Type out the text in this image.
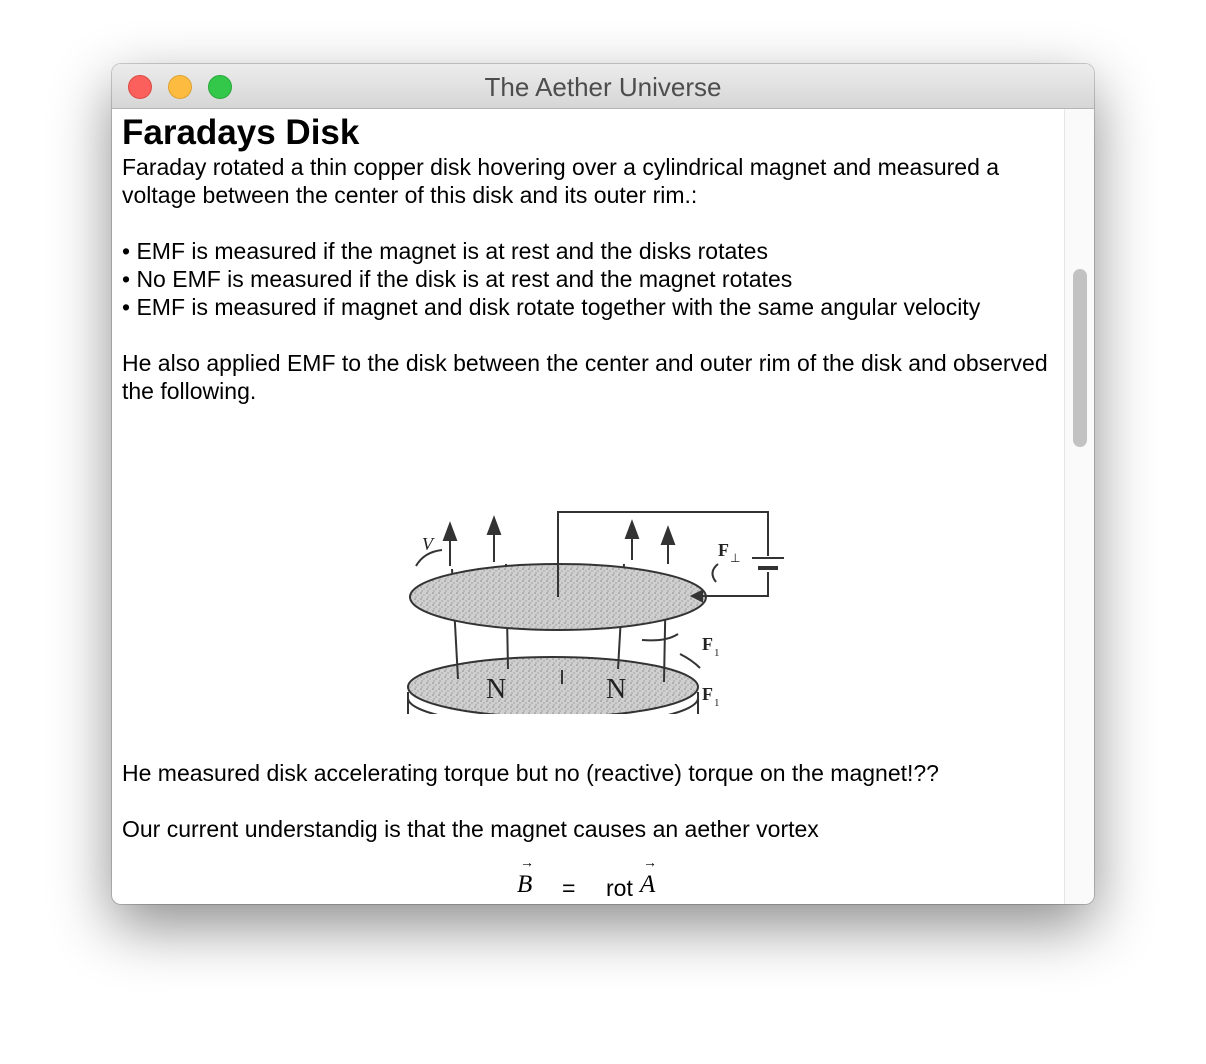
The Aether Universe
Faradays Disk

Faraday rotated a thin copper disk hovering over a cylindrical magnet and measured a voltage between the center of this disk and its outer rim.:

• EMF is measured if the magnet is at rest and the disks rotates
• No EMF is measured if the disk is at rest and the magnet rotates
• EMF is measured if magnet and disk rotate together with the same angular velocity

He also applied EMF to the disk between the center and outer rim of the disk and observed the following.

V	F ⊥
F 1
F 1
N	N

He measured disk accelerating torque but no (reactive) torque on the magnet!??

Our current understandig is that the magnet causes an aether vortex

→ B = rot
→ A
